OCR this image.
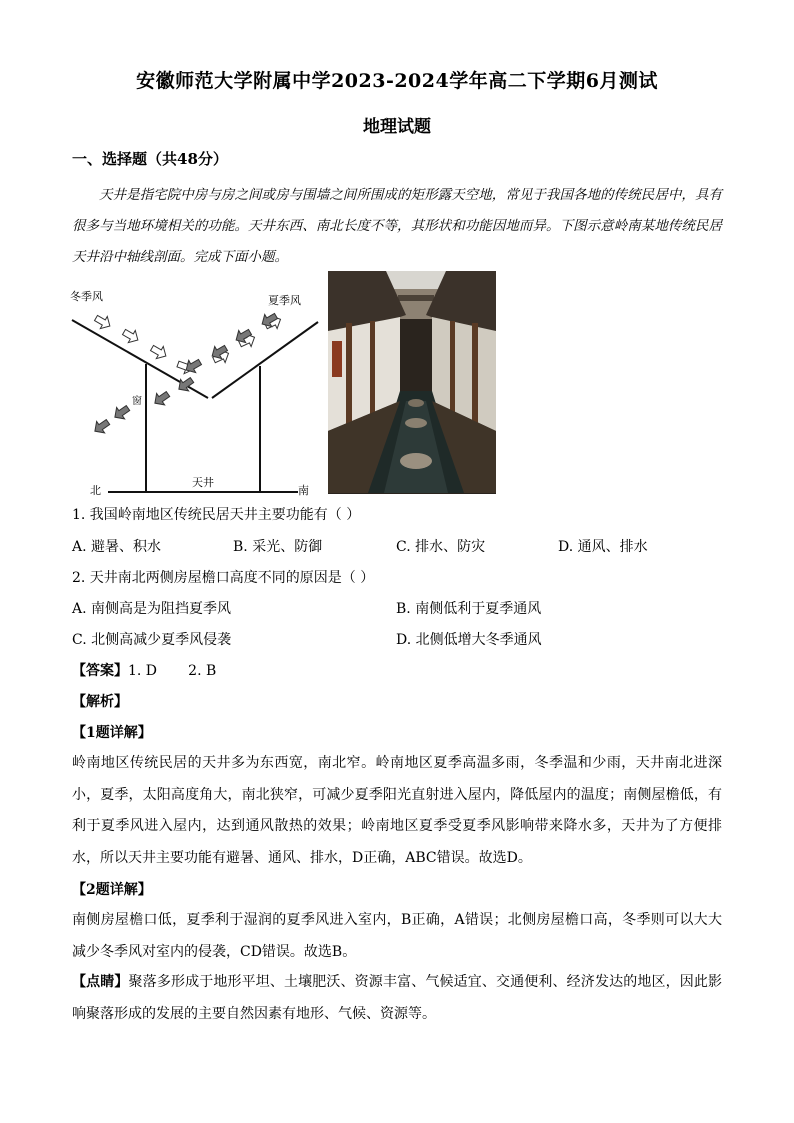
安徽师范大学附属中学2023-2024学年高二下学期6月测试
地理试题
一、选择题（共48分）
天井是指宅院中房与房之间或房与围墙之间所围成的矩形露天空地，常见于我国各地的传统民居中，具有很多与当地环境相关的功能。天井东西、南北长度不等，其形状和功能因地而异。下图示意岭南某地传统民居天井沿中轴线剖面。完成下面小题。
冬季风	夏季风
窗
天井
北	南
1. 我国岭南地区传统民居天井主要功能有（ ）
A. 避暑、积水	B. 采光、防御	C. 排水、防灾	D. 通风、排水
2. 天井南北两侧房屋檐口高度不同的原因是（ ）
A. 南侧高是为阻挡夏季风	B. 南侧低利于夏季通风
C. 北侧高减少夏季风侵袭	D. 北侧低增大冬季通风
【答案】1. D       2. B
【解析】
【1题详解】
岭南地区传统民居的天井多为东西宽，南北窄。岭南地区夏季高温多雨，冬季温和少雨，天井南北进深小，夏季，太阳高度角大，南北狭窄，可减少夏季阳光直射进入屋内，降低屋内的温度；南侧屋檐低，有利于夏季风进入屋内，达到通风散热的效果；岭南地区夏季受夏季风影响带来降水多，天井为了方便排水，所以天井主要功能有避暑、通风、排水，D正确，ABC错误。故选D。
【2题详解】
南侧房屋檐口低，夏季利于湿润的夏季风进入室内，B正确，A错误；北侧房屋檐口高，冬季则可以大大减少冬季风对室内的侵袭，CD错误。故选B。
【点睛】聚落多形成于地形平坦、土壤肥沃、资源丰富、气候适宜、交通便利、经济发达的地区，因此影响聚落形成的发展的主要自然因素有地形、气候、资源等。
